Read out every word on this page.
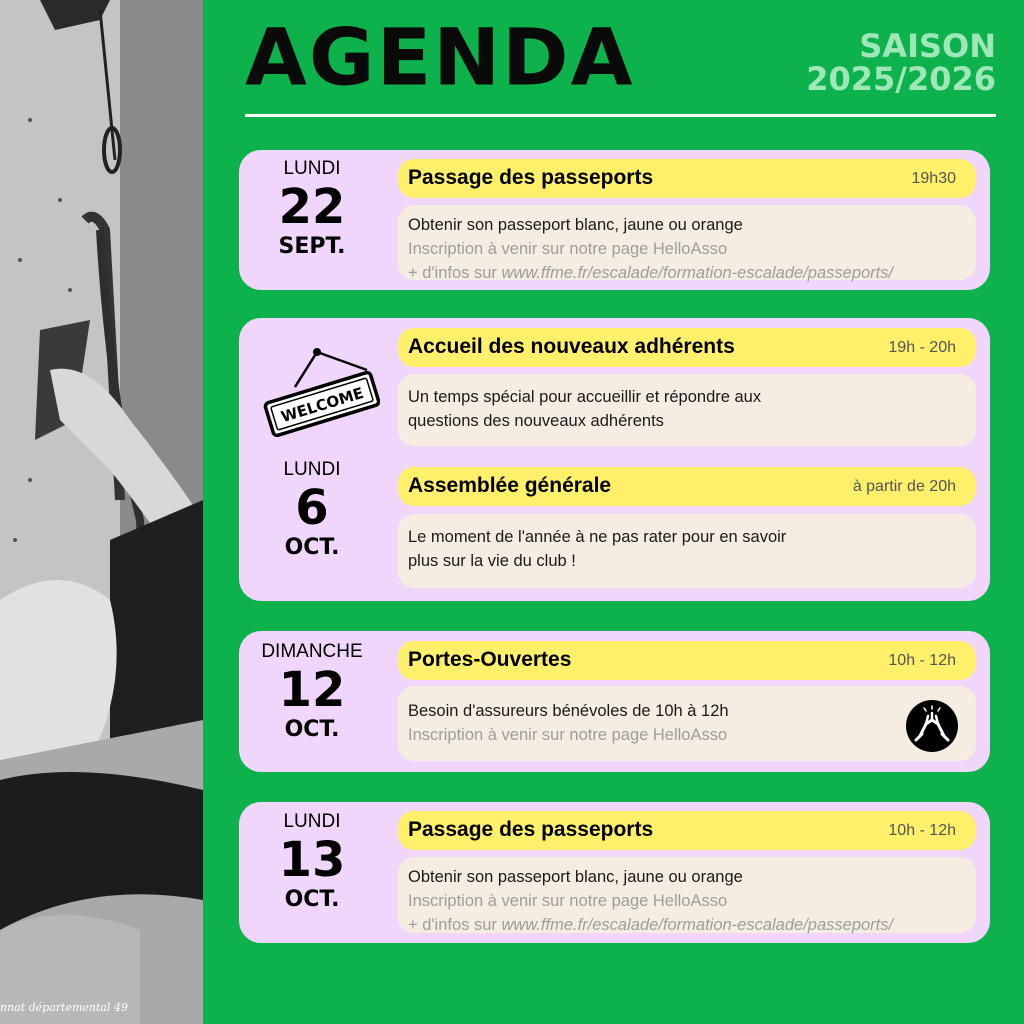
nnat départemental 49
AGENDA	SAISON
2025/2026
LUNDI
22
SEPT.
Passage des passeports	19h30
Obtenir son passeport blanc, jaune ou orange
Inscription à venir sur notre page HelloAsso
+ d'infos sur www.ffme.fr/escalade/formation-escalade/passeports/
WELCOME
LUNDI
6
OCT.
Accueil des nouveaux adhérents	19h - 20h
Un temps spécial pour accueillir et répondre aux
questions des nouveaux adhérents
Assemblée générale	à partir de 20h
Le moment de l'année à ne pas rater pour en savoir
plus sur la vie du club !
DIMANCHE
12
OCT.
Portes-Ouvertes	10h - 12h
Besoin d'assureurs bénévoles de 10h à 12h
Inscription à venir sur notre page HelloAsso
LUNDI
13
OCT.
Passage des passeports	10h - 12h
Obtenir son passeport blanc, jaune ou orange
Inscription à venir sur notre page HelloAsso
+ d'infos sur www.ffme.fr/escalade/formation-escalade/passeports/
